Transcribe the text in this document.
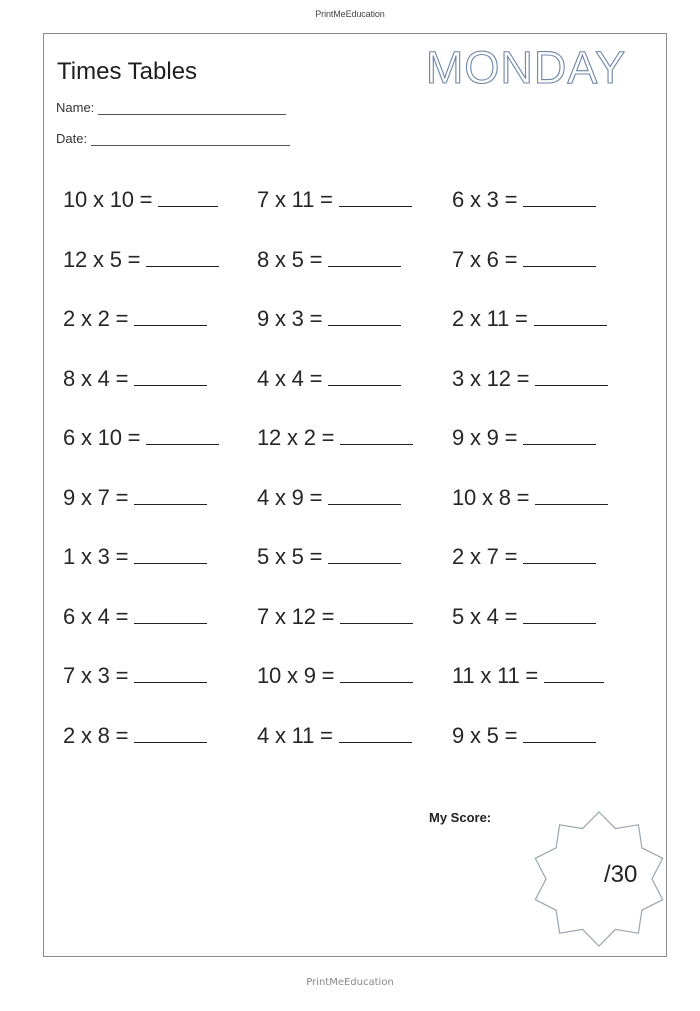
PrintMeEducation
Times Tables	MONDAY
Name:
Date:
10 x 10 =	7 x 11 =	6 x 3 =
12 x 5 =	8 x 5 =	7 x 6 =
2 x 2 =	9 x 3 =	2 x 11 =
8 x 4 =	4 x 4 =	3 x 12 =
6 x 10 =	12 x 2 =	9 x 9 =
9 x 7 =	4 x 9 =	10 x 8 =
1 x 3 =	5 x 5 =	2 x 7 =
6 x 4 =	7 x 12 =	5 x 4 =
7 x 3 =	10 x 9 =	11 x 11 =
2 x 8 =	4 x 11 =	9 x 5 =
My Score:
/30
PrintMeEducation
